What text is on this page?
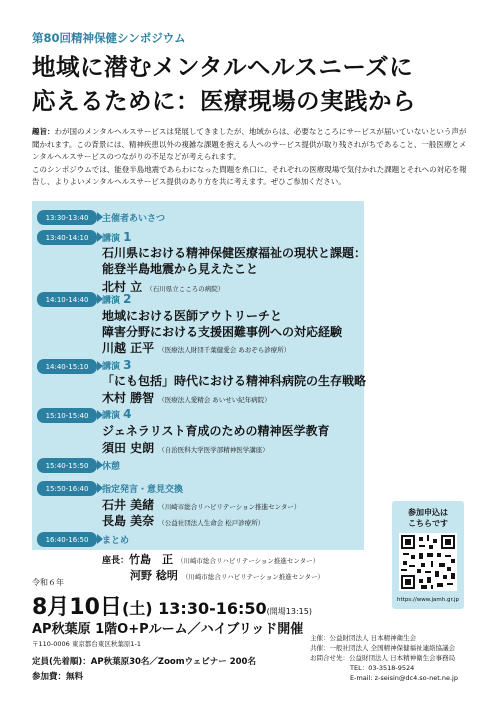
第80回精神保健シンポジウム
地域に潜むメンタルヘルスニーズに
応えるために：医療現場の実践から

趣旨：わが国のメンタルヘルスサービスは発展してきましたが、地域からは、必要なところにサービスが届いていないという声が聞かれます。この背景には、精神疾患以外の複雑な課題を抱える人へのサービス提供が取り残されがちであること、一般医療とメンタルヘルスサービスのつながりの不足などが考えられます。

このシンポジウムでは、能登半島地震であらわになった問題を糸口に、それぞれの医療現場で気付かれた課題とそれへの対応を報告し、よりよいメンタルヘルスサービス提供のあり方を共に考えます。ぜひご参加ください。

13:30-13:40	主催者あいさつ
13:40-14:10	講演 1
石川県における精神保健医療福祉の現状と課題：
能登半島地震から見えたこと
北村 立 （石川県立こころの病院）
14:10-14:40	講演 2
地域における医師アウトリーチと
障害分野における支援困難事例への対応経験
川越 正平 （医療法人財団千葉健愛会 あおぞら診療所）
14:40-15:10	講演 3
「にも包括」時代における精神科病院の生存戦略
木村 勝智 （医療法人愛精会 あいせい紀年病院）
15:10-15:40	講演 4
ジェネラリスト育成のための精神医学教育
須田 史朗 （自治医科大学医学部精神医学講座）
15:40-15:50	休憩
15:50-16:40	指定発言・意見交換
石井 美緒 （川崎市総合リハビリテーション推進センター）
長島 美奈 （公益社団法人生命会 松戸診療所）
16:40-16:50	まとめ
座長：竹島　正 （川崎市総合リハビリテーション推進センター）
河野 稔明 （川崎市総合リハビリテーション推進センター）
参加申込は
こちらです
https://www.jamh.gr.jp
令和６年
8月10日(土) 13:30-16:50(開場13:15)
AP秋葉原 1階O+Pルーム／ハイブリッド開催
〒110-0006 東京都台東区秋葉原1-1
定員(先着順)：AP秋葉原30名／Zoomウェビナー 200名
参加費：無料
主催：公益財団法人 日本精神衛生会
共催：一般社団法人 全国精神保健福祉連絡協議会
お問合せ先：公益財団法人 日本精神衛生会事務局
TEL：03-3518-9524
E-mail: z-seisin@dc4.so-net.ne.jp
